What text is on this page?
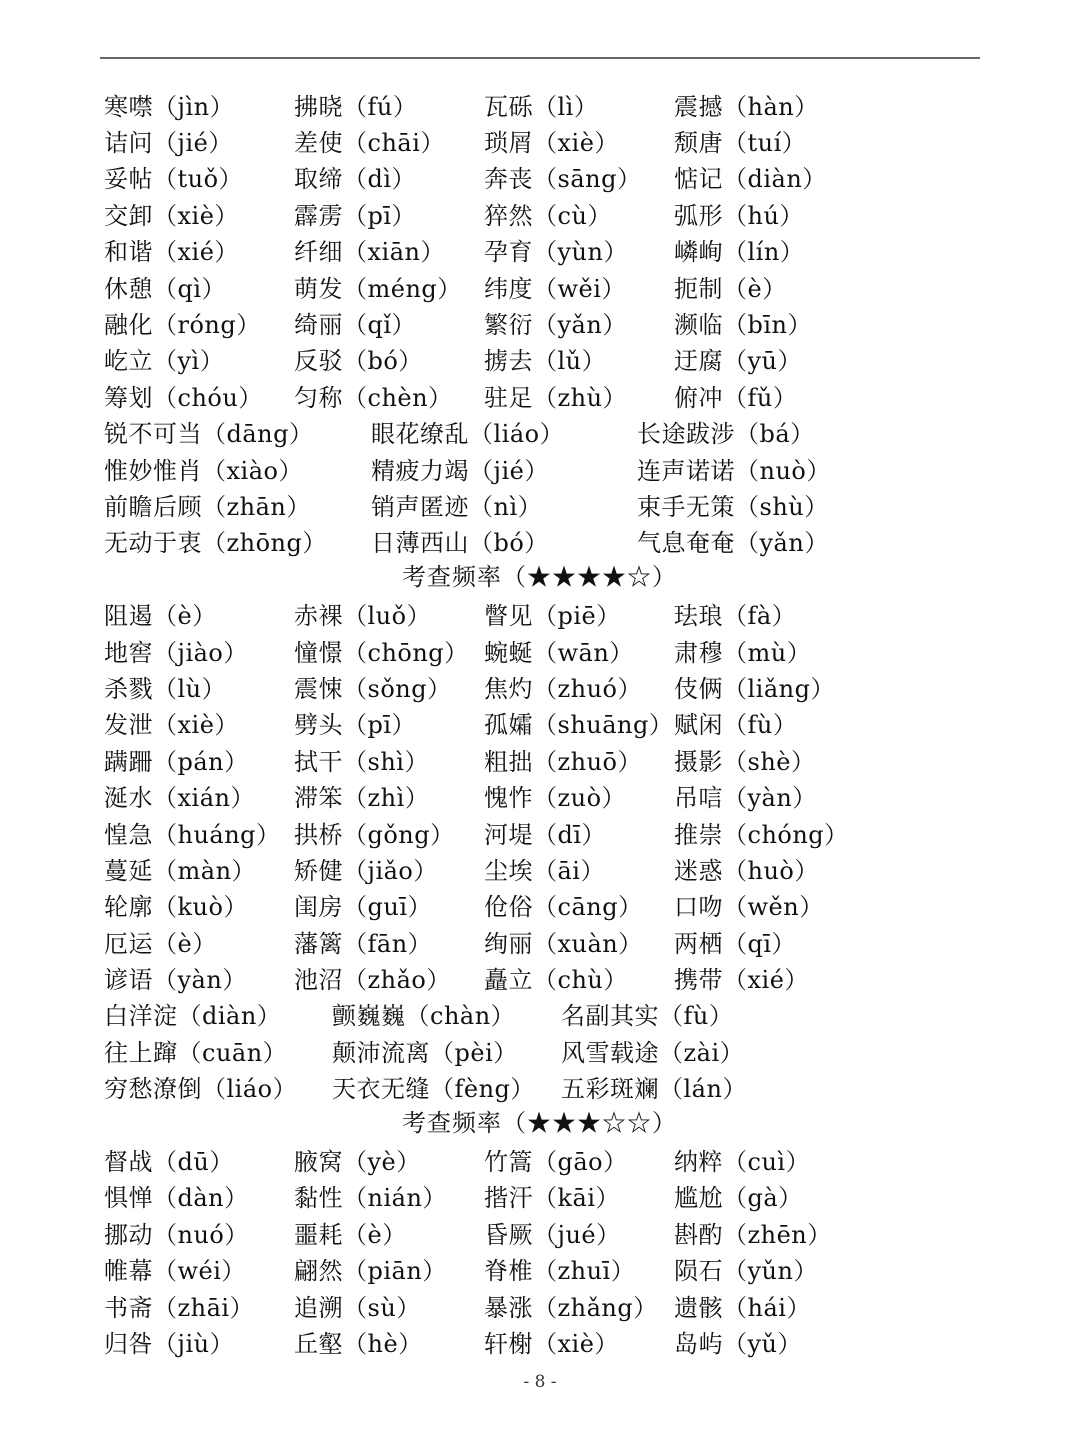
寒噤（jìn）	拂晓（fú）	瓦砾（lì）	震撼（hàn）
诘问（jié）	差使（chāi）	琐屑（xiè）	颓唐（tuí）
妥帖（tuǒ）	取缔（dì）	奔丧（sāng）	惦记（diàn）
交卸（xiè）	霹雳（pī）	猝然（cù）	弧形（hú）
和谐（xié）	纤细（xiān）	孕育（yùn）	嶙峋（lín）
休憩（qì）	萌发（méng） 纬度（wěi）	扼制（è）
融化（róng）	绮丽（qǐ）	繁衍（yǎn）	濒临（bīn）
屹立（yì）	反驳（bó）	掳去（lǔ）	迂腐（yū）
筹划（chóu）	匀称（chèn）	驻足（zhù）	俯冲（fǔ）
锐不可当（dāng）	眼花缭乱（liáo）	长途跋涉（bá）
惟妙惟肖（xiào）	精疲力竭（jié）	连声诺诺（nuò）
前瞻后顾（zhān）	销声匿迹（nì）	束手无策（shù）
无动于衷（zhōng）	日薄西山（bó）	气息奄奄（yǎn）
考查频率（★★★★☆）
阻遏（è）	赤裸（luǒ）	瞥见（piē）	珐琅（fà）
地窖（jiào）	憧憬（chōng） 蜿蜒（wān）	肃穆（mù）
杀戮（lù）	震悚（sǒng）	焦灼（zhuó）	伎俩（liǎng）
发泄（xiè）	劈头（pī）	孤孀（shuāng） 赋闲（fù）
蹒跚（pán）	拭干（shì）	粗拙（zhuō）	摄影（shè）
涎水（xián）	滞笨（zhì）	愧怍（zuò）	吊唁（yàn）
惶急（huáng） 拱桥（gǒng）	河堤（dī）	推崇（chóng）
蔓延（màn）	矫健（jiǎo）	尘埃（āi）	迷惑（huò）
轮廓（kuò）	闺房（guī）	伧俗（cāng）	口吻（wěn）
厄运（è）	藩篱（fān）	绚丽（xuàn）	两栖（qī）
谚语（yàn）	池沼（zhǎo）	矗立（chù）	携带（xié）
白洋淀（diàn）	颤巍巍（chàn）	名副其实（fù）
往上蹿（cuān）	颠沛流离（pèi）	风雪载途（zài）
穷愁潦倒（liáo）	天衣无缝（fèng）	五彩斑斓（lán）
考查频率（★★★☆☆）
督战（dū）	腋窝（yè）	竹篙（gāo）	纳粹（cuì）
惧惮（dàn）	黏性（nián）	揩汗（kāi）	尴尬（gà）
挪动（nuó）	噩耗（è）	昏厥（jué）	斟酌（zhēn）
帷幕（wéi）	翩然（piān）	脊椎（zhuī）	陨石（yǔn）
书斋（zhāi）	追溯（sù）	暴涨（zhǎng） 遗骸（hái）
归咎（jiù）	丘壑（hè）	轩榭（xiè）	岛屿（yǔ）
- 8 -
